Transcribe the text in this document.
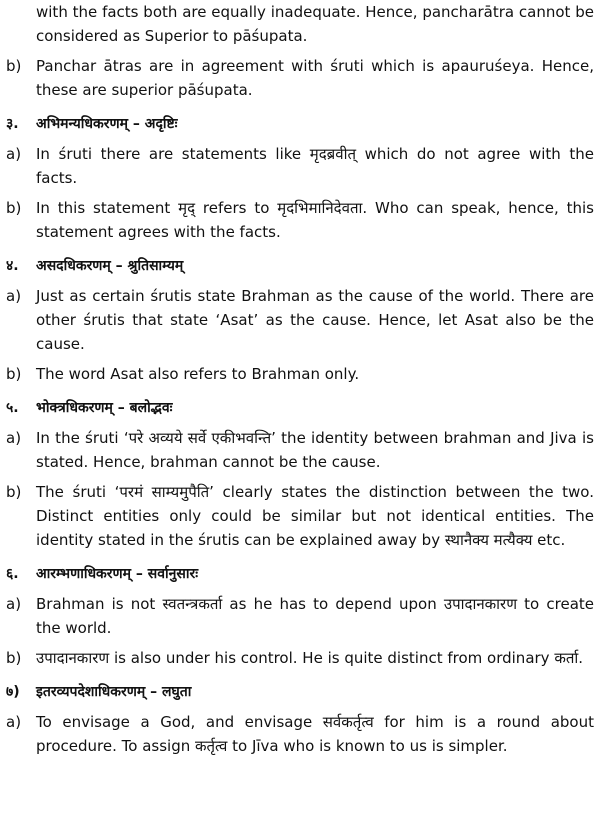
with the facts both are equally inadequate. Hence, pancharātra cannot be considered as Superior to pāśupata.
b) Panchar ātras are in agreement with śruti which is apauruśeya. Hence, these are superior pāśupata.
३.	अभिमन्यधिकरणम् – अदृष्टिः
a) In śruti there are statements like मृदब्रवीत् which do not agree with the facts.
b) In this statement मृद् refers to मृदभिमानिदेवता. Who can speak, hence, this statement agrees with the facts.
४.	असदधिकरणम् – श्रुतिसाम्यम्
a) Just as certain śrutis state Brahman as the cause of the world. There are other śrutis that state ‘Asat’ as the cause. Hence, let Asat also be the cause.
b) The word Asat also refers to Brahman only.
५.	भोक्त्रधिकरणम् – बलोद्भवः
a) In the śruti ‘परे अव्यये सर्वे एकीभवन्ति’ the identity between brahman and Jiva is stated. Hence, brahman cannot be the cause.
b) The śruti ‘परमं साम्यमुपैति’ clearly states the distinction between the two. Distinct entities only could be similar but not identical entities. The identity stated in the śrutis can be explained away by स्थानैक्य मत्यैक्य etc.
६.	आरम्भणाधिकरणम् – सर्वानुसारः
a) Brahman is not स्वतन्त्रकर्ता as he has to depend upon उपादानकारण to create the world.
b) उपादानकारण is also under his control. He is quite distinct from ordinary कर्ता.
७)	इतरव्यपदेशाधिकरणम् – लघुता
a) To envisage a God, and envisage सर्वकर्तृत्व for him is a round about procedure. To assign कर्तृत्व to Jīva who is known to us is simpler.
